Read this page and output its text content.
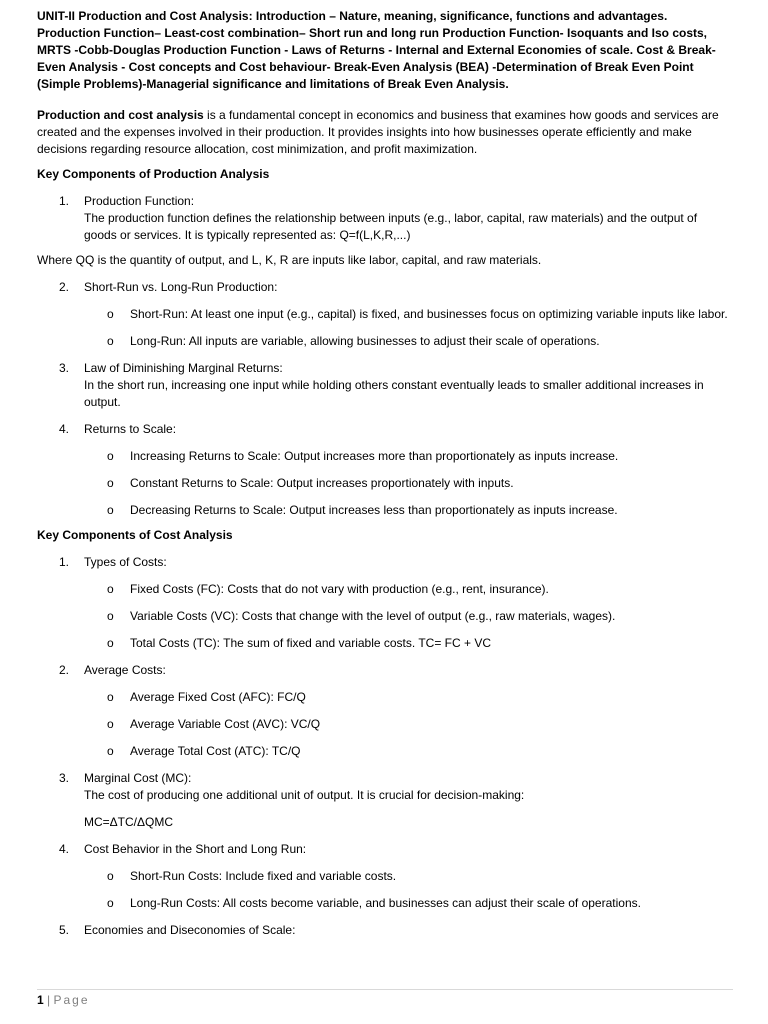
UNIT-II Production and Cost Analysis: Introduction – Nature, meaning, significance, functions and advantages. Production Function– Least-cost combination– Short run and long run Production Function- Isoquants and Iso costs, MRTS -Cobb-Douglas Production Function - Laws of Returns - Internal and External Economies of scale. Cost & Break-Even Analysis - Cost concepts and Cost behaviour- Break-Even Analysis (BEA) -Determination of Break Even Point (Simple Problems)-Managerial significance and limitations of Break Even Analysis.

Production and cost analysis is a fundamental concept in economics and business that examines how goods and services are created and the expenses involved in their production. It provides insights into how businesses operate efficiently and make decisions regarding resource allocation, cost minimization, and profit maximization.

Key Components of Production Analysis
1. Production Function:
The production function defines the relationship between inputs (e.g., labor, capital, raw materials) and the output of goods or services. It is typically represented as: Q=f(L,K,R,...)
Where QQ is the quantity of output, and L, K, R are inputs like labor, capital, and raw materials.
2. Short-Run vs. Long-Run Production:
o Short-Run: At least one input (e.g., capital) is fixed, and businesses focus on optimizing variable inputs like labor.
o Long-Run: All inputs are variable, allowing businesses to adjust their scale of operations.
3. Law of Diminishing Marginal Returns:
In the short run, increasing one input while holding others constant eventually leads to smaller additional increases in output.
4. Returns to Scale:
o Increasing Returns to Scale: Output increases more than proportionately as inputs increase.
o Constant Returns to Scale: Output increases proportionately with inputs.
o Decreasing Returns to Scale: Output increases less than proportionately as inputs increase.
Key Components of Cost Analysis
1. Types of Costs:
o Fixed Costs (FC): Costs that do not vary with production (e.g., rent, insurance).
o Variable Costs (VC): Costs that change with the level of output (e.g., raw materials, wages).
o Total Costs (TC): The sum of fixed and variable costs. TC= FC + VC
2. Average Costs:
o Average Fixed Cost (AFC): FC/Q
o Average Variable Cost (AVC): VC/Q
o Average Total Cost (ATC): TC/Q
3. Marginal Cost (MC):
The cost of producing one additional unit of output. It is crucial for decision-making:
MC=ΔTC/ΔQMC
4. Cost Behavior in the Short and Long Run:
o Short-Run Costs: Include fixed and variable costs.
o Long-Run Costs: All costs become variable, and businesses can adjust their scale of operations.
5. Economies and Diseconomies of Scale:
1 | Page
